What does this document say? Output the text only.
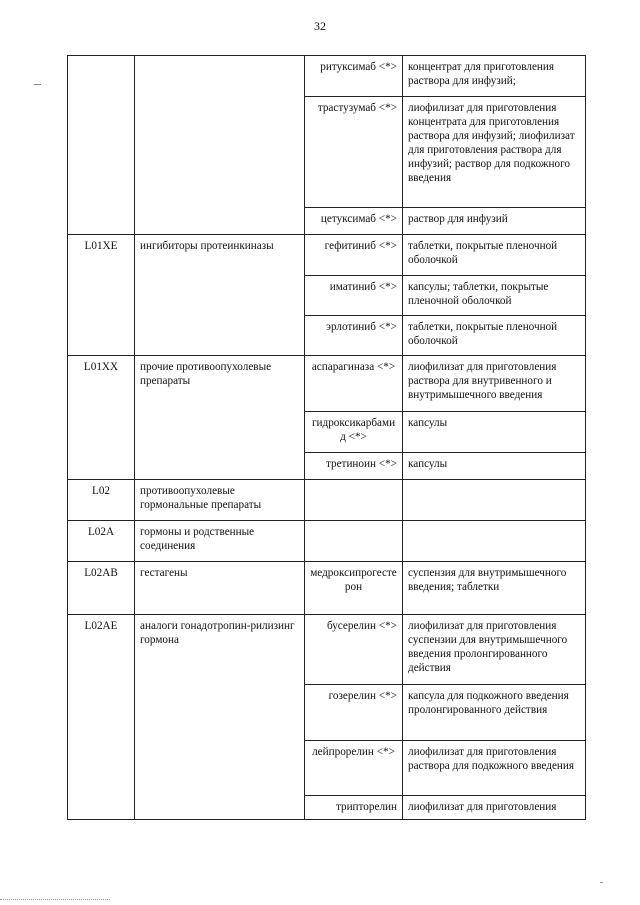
32
		ритуксимаб <*>	концентрат для приготовления раствора для инфузий;
		трастузумаб <*>	лиофилизат для приготовления концентрата для приготовления раствора для инфузий; лиофилизат для приготовления раствора для инфузий; раствор для подкожного введения
		цетуксимаб <*>	раствор для инфузий
L01XE	ингибиторы протеинкиназы	гефитиниб <*>	таблетки, покрытые пленочной оболочкой
		иматиниб <*>	капсулы; таблетки, покрытые пленочной оболочкой
		эрлотиниб <*>	таблетки, покрытые пленочной оболочкой
L01XX	прочие противоопухолевые препараты	аспарагиназа <*>	лиофилизат для приготовления раствора для внутривенного и внутримышечного введения
		гидроксикарбамид <*>	капсулы
		третиноин <*>	капсулы
L02	противоопухолевые гормональные препараты		
L02A	гормоны и родственные соединения		
L02AB	гестагены	медроксипрогестерон	суспензия для внутримышечного введения; таблетки
L02AE	аналоги гонадотропин-рилизинг гормона	бусерелин <*>	лиофилизат для приготовления суспензии для внутримышечного введения пролонгированного действия
		гозерелин <*>	капсула для подкожного введения пролонгированного действия
		лейпрорелин <*>	лиофилизат для приготовления раствора для подкожного введения
		трипторелин	лиофилизат для приготовления
